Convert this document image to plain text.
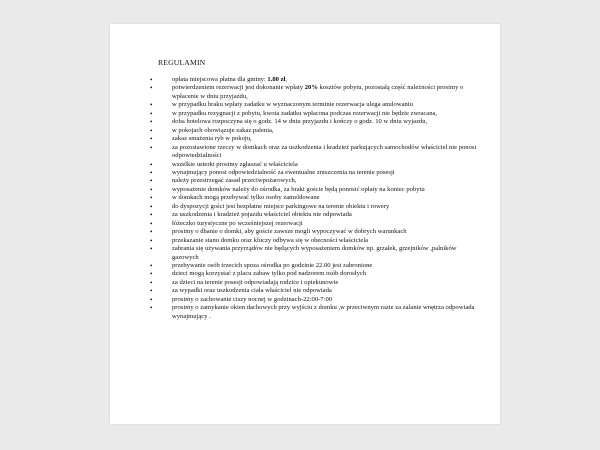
REGULAMIN
• opłata miejscowa płatna dla gminy: 1.80 zł,
• potwierdzeniem rezerwacji jest dokonanie wpłaty 20% kosztów pobytu, pozostałą część należności prosimy o wpłacenie w dniu przyjazdu,
• w przypadku braku wpłaty zadatku w wyznaczonym terminie rezerwacja ulega anulowaniu
• w przypadku rezygnacji z pobytu, kwota zadatku wpłacona podczas rezerwacji nie będzie zwracana,
• doba hotelowa rozpoczyna się o godz. 14 w dniu przyjazdu i kończy o godz. 10 w dniu wyjazdu,
• w pokojach obowiązuje zakaz palenia,
• zakaz smażenia ryb w pokoju,
• za pozostawione rzeczy w domkach oraz za uszkodzenia i kradzież parkujących samochodów właściciel nie ponosi odpowiedzialności
• wszelkie usterki prosimy zgłaszać u właściciela
• wynajmujący ponosi odpowiedzialność za ewentualne zniszczenia na terenie posesji
• należy przestrzegać zasad przeciwpożarowych,
• wyposażenie domków należy do ośrodka, za braki goście będą ponosić opłaty na koniec pobytu
• w domkach mogą przebywać tylko osoby zameldowane
• do dyspozycji gości jest bezpłatne miejsce parkingowe na terenie obiektu i rowery
• za uszkodzenia i kradzież pojazdu właściciel obiektu nie odpowiada
• łóżeczko turystyczne po wcześniejszej rezerwacji
• prosimy o dbanie o domki, aby goście zawsze mogli wypoczywać w dobrych warunkach
• przekazanie stanu domku oraz kluczy odbywa się w obecności właściciela
• zabrania się używania przyrządów nie będących wyposażeniem domków np. grzałek, grzejników ,palników gazowych
• przebywanie osób trzecich spoza ośrodka po godzinie 22.00 jest zabronione
• dzieci mogą korzystać z placu zabaw tylko pod nadzorem osób dorosłych
• za dzieci na terenie posesji odpowiadają rodzice i opiekunowie
• za wypadki oraz uszkodzenia ciała właściciel nie odpowiada
• prosimy o zachowanie ciszy nocnej w godzinach-22:00-7:00
• prosimy o zamykanie okien dachowych przy wyjściu z domku ,w przeciwnym razie za zalanie wnętrza odpowiada wynajmujący .
